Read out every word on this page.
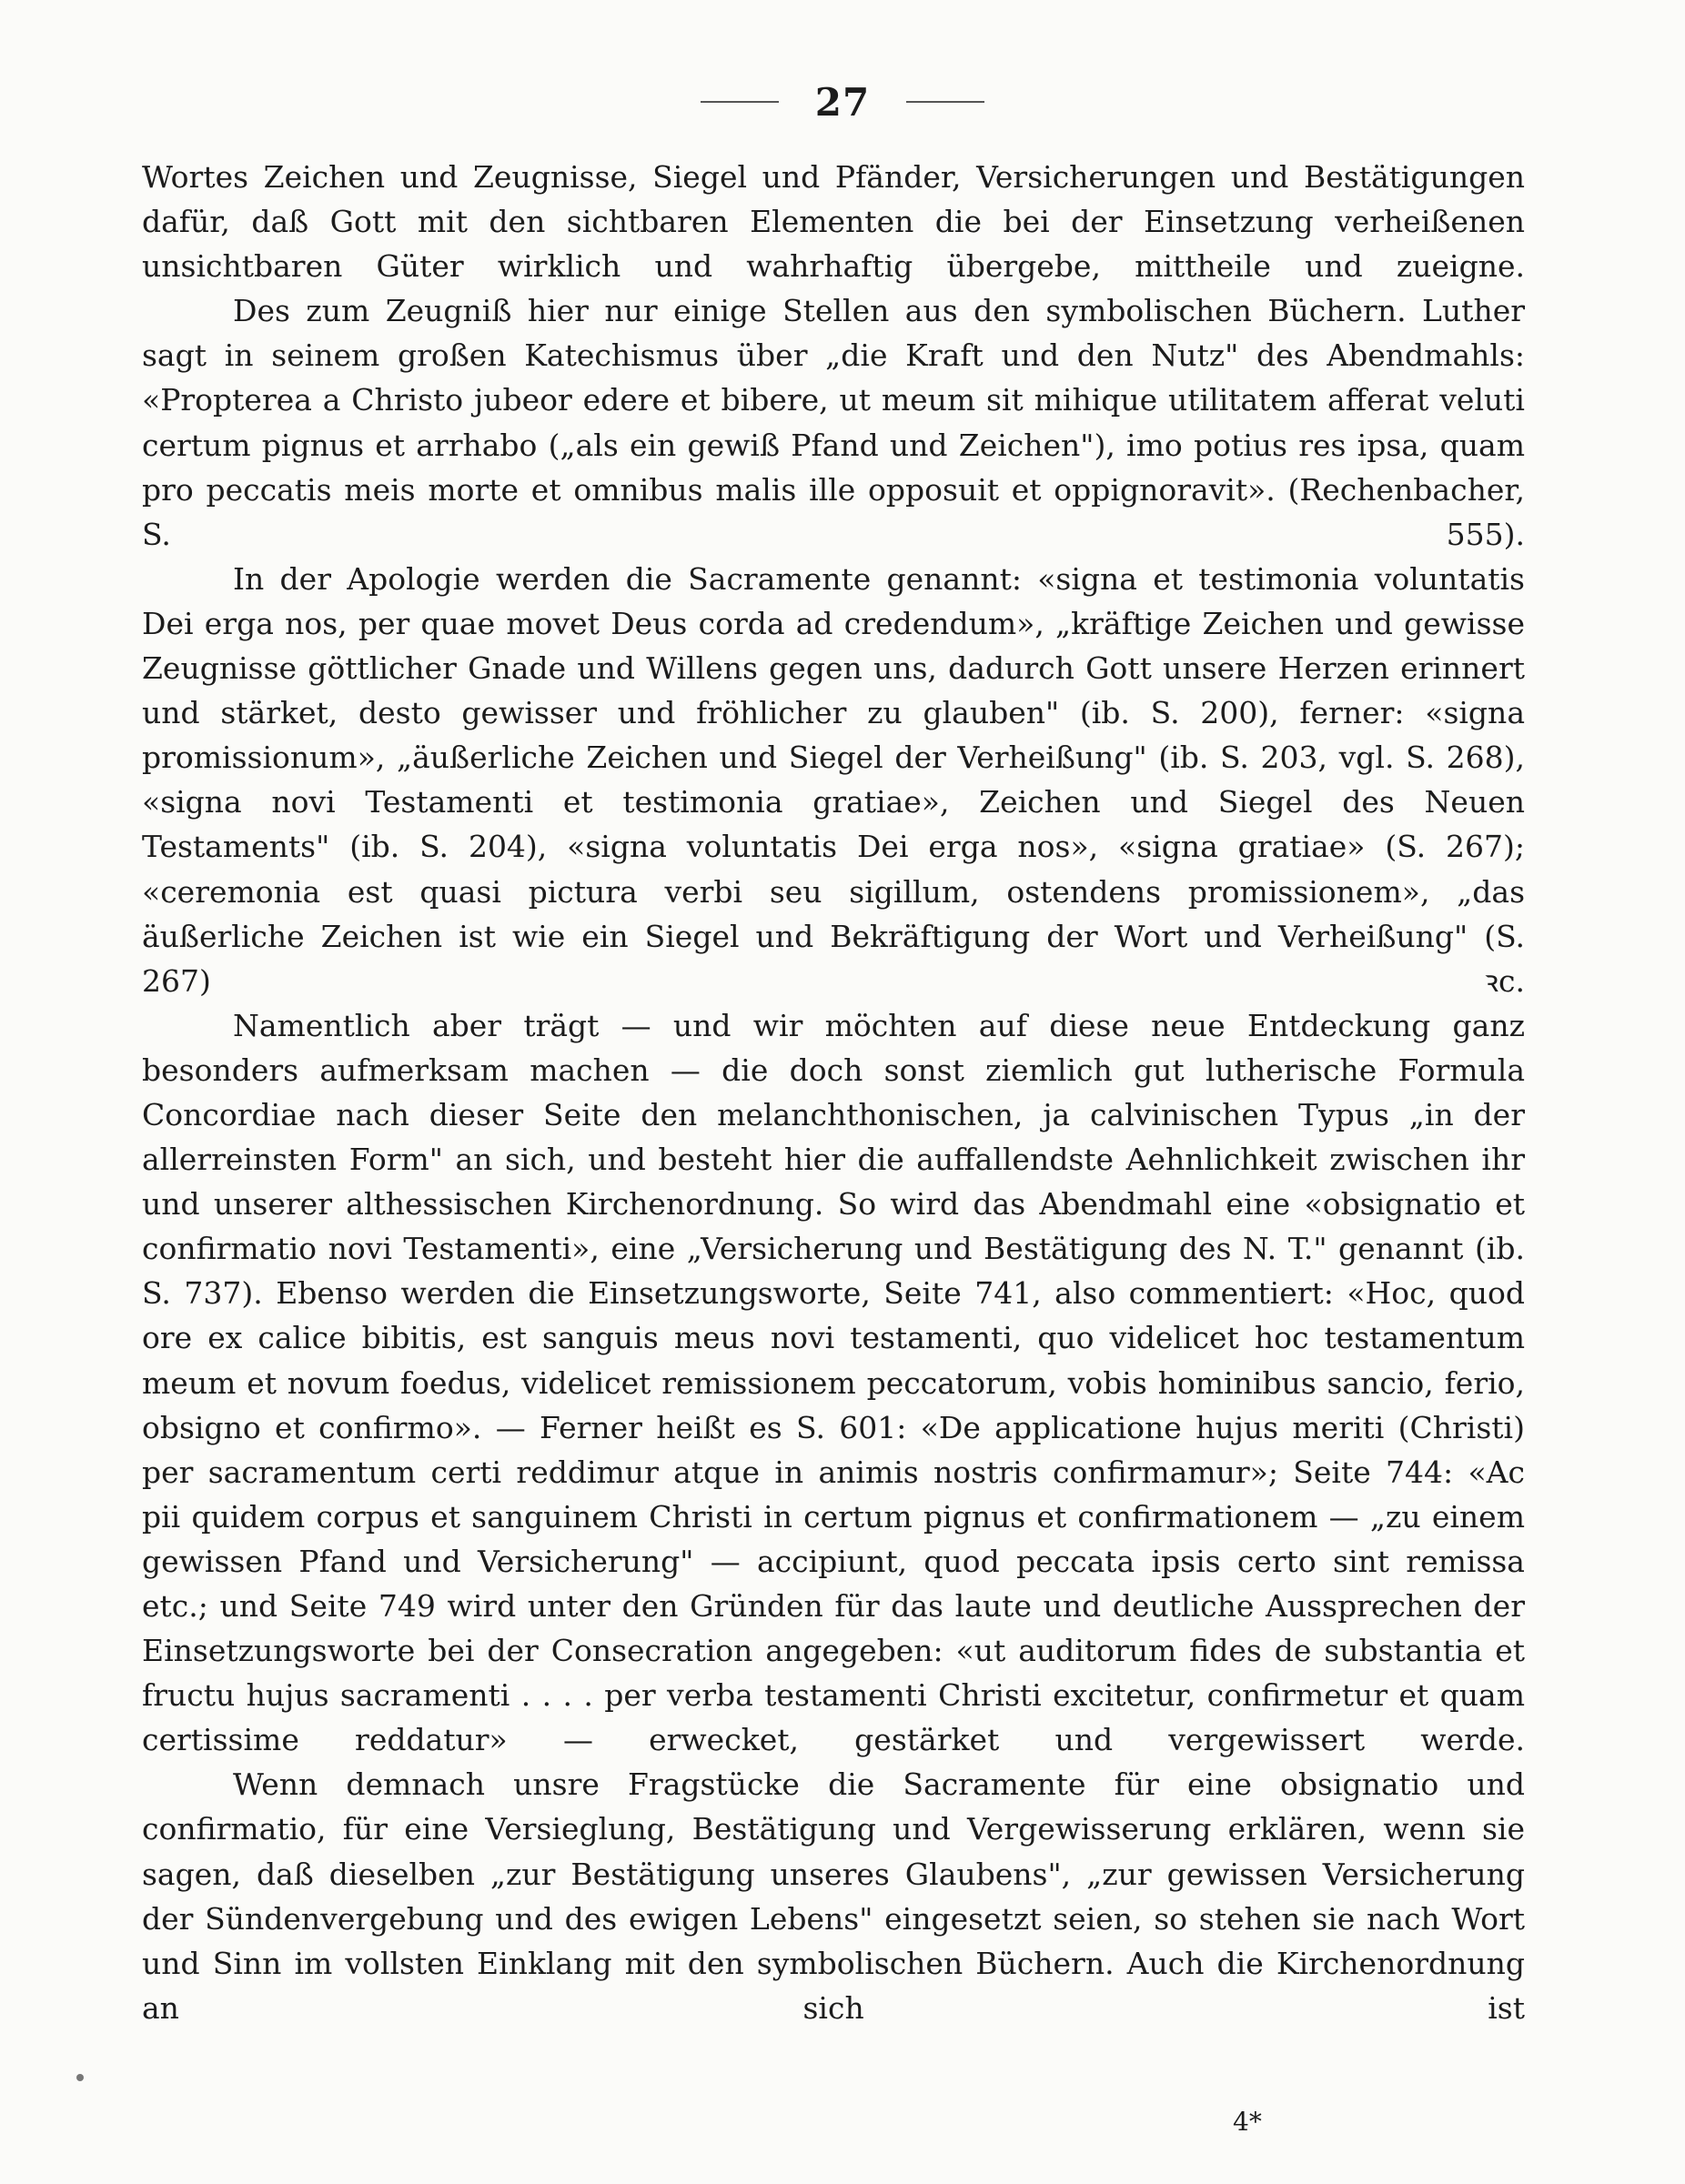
27

Wortes Zeichen und Zeugnisse, Siegel und Pfänder, Versicherungen und Bestätigungen dafür, daß Gott mit den sichtbaren Elementen die bei der Einsetzung verheißenen unsichtbaren Güter wirklich und wahrhaftig übergebe, mittheile und zueigne.

Des zum Zeugniß hier nur einige Stellen aus den symbolischen Büchern. Luther sagt in seinem großen Katechismus über „die Kraft und den Nutz" des Abendmahls: «Propterea a Christo jubeor edere et bibere, ut meum sit mihique utilitatem afferat veluti certum pignus et arrhabo („als ein gewiß Pfand und Zeichen"), imo potius res ipsa, quam pro peccatis meis morte et omnibus malis ille opposuit et oppignoravit». (Rechenbacher, S. 555).

In der Apologie werden die Sacramente genannt: «signa et testimonia voluntatis Dei erga nos, per quae movet Deus corda ad credendum», „kräftige Zeichen und gewisse Zeugnisse göttlicher Gnade und Willens gegen uns, dadurch Gott unsere Herzen erinnert und stärket, desto gewisser und fröhlicher zu glauben" (ib. S. 200), ferner: «signa promissionum», „äußerliche Zeichen und Siegel der Verheißung" (ib. S. 203, vgl. S. 268), «signa novi Testamenti et testimonia gratiae», Zeichen und Siegel des Neuen Testaments" (ib. S. 204), «signa voluntatis Dei erga nos», «signa gratiae» (S. 267); «ceremonia est quasi pictura verbi seu sigillum, ostendens promissionem», „das äußerliche Zeichen ist wie ein Siegel und Bekräftigung der Wort und Verheißung" (S. 267) ꝛc.

Namentlich aber trägt — und wir möchten auf diese neue Entdeckung ganz besonders aufmerksam machen — die doch sonst ziemlich gut lutherische Formula Concordiae nach dieser Seite den melanchthonischen, ja calvinischen Typus „in der allerreinsten Form" an sich, und besteht hier die auffallendste Aehnlichkeit zwischen ihr und unserer althessischen Kirchenordnung. So wird das Abendmahl eine «obsignatio et confirmatio novi Testamenti», eine „Versicherung und Bestätigung des N. T." genannt (ib. S. 737). Ebenso werden die Einsetzungsworte, Seite 741, also commentiert: «Hoc, quod ore ex calice bibitis, est sanguis meus novi testamenti, quo videlicet hoc testamentum meum et novum foedus, videlicet remissionem peccatorum, vobis hominibus sancio, ferio, obsigno et confirmo». — Ferner heißt es S. 601: «De applicatione hujus meriti (Christi) per sacramentum certi reddimur atque in animis nostris confirmamur»; Seite 744: «Ac pii quidem corpus et sanguinem Christi in certum pignus et confirmationem — „zu einem gewissen Pfand und Versicherung" — accipiunt, quod peccata ipsis certo sint remissa etc.; und Seite 749 wird unter den Gründen für das laute und deutliche Aussprechen der Einsetzungsworte bei der Consecration angegeben: «ut auditorum fides de substantia et fructu hujus sacramenti . . . . per verba testamenti Christi excitetur, confirmetur et quam certissime reddatur» — erwecket, gestärket und vergewissert werde.

Wenn demnach unsre Fragstücke die Sacramente für eine obsignatio und confirmatio, für eine Versieglung, Bestätigung und Vergewisserung erklären, wenn sie sagen, daß dieselben „zur Bestätigung unseres Glaubens", „zur gewissen Versicherung der Sündenvergebung und des ewigen Lebens" eingesetzt seien, so stehen sie nach Wort und Sinn im vollsten Einklang mit den symbolischen Büchern. Auch die Kirchenordnung an sich ist

4*
